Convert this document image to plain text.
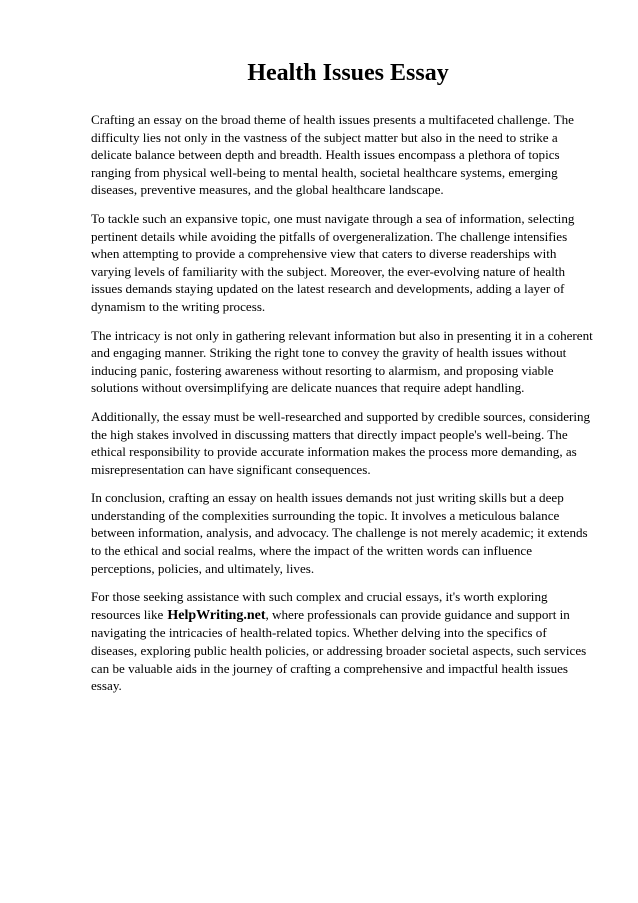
Health Issues Essay

Crafting an essay on the broad theme of health issues presents a multifaceted challenge. The difficulty lies not only in the vastness of the subject matter but also in the need to strike a delicate balance between depth and breadth. Health issues encompass a plethora of topics ranging from physical well-being to mental health, societal healthcare systems, emerging diseases, preventive measures, and the global healthcare landscape.

To tackle such an expansive topic, one must navigate through a sea of information, selecting pertinent details while avoiding the pitfalls of overgeneralization. The challenge intensifies when attempting to provide a comprehensive view that caters to diverse readerships with varying levels of familiarity with the subject. Moreover, the ever-evolving nature of health issues demands staying updated on the latest research and developments, adding a layer of dynamism to the writing process.

The intricacy is not only in gathering relevant information but also in presenting it in a coherent and engaging manner. Striking the right tone to convey the gravity of health issues without inducing panic, fostering awareness without resorting to alarmism, and proposing viable solutions without oversimplifying are delicate nuances that require adept handling.

Additionally, the essay must be well-researched and supported by credible sources, considering the high stakes involved in discussing matters that directly impact people's well-being. The ethical responsibility to provide accurate information makes the process more demanding, as misrepresentation can have significant consequences.

In conclusion, crafting an essay on health issues demands not just writing skills but a deep understanding of the complexities surrounding the topic. It involves a meticulous balance between information, analysis, and advocacy. The challenge is not merely academic; it extends to the ethical and social realms, where the impact of the written words can influence perceptions, policies, and ultimately, lives.

For those seeking assistance with such complex and crucial essays, it's worth exploring resources like HelpWriting.net, where professionals can provide guidance and support in navigating the intricacies of health-related topics. Whether delving into the specifics of diseases, exploring public health policies, or addressing broader societal aspects, such services can be valuable aids in the journey of crafting a comprehensive and impactful health issues essay.
